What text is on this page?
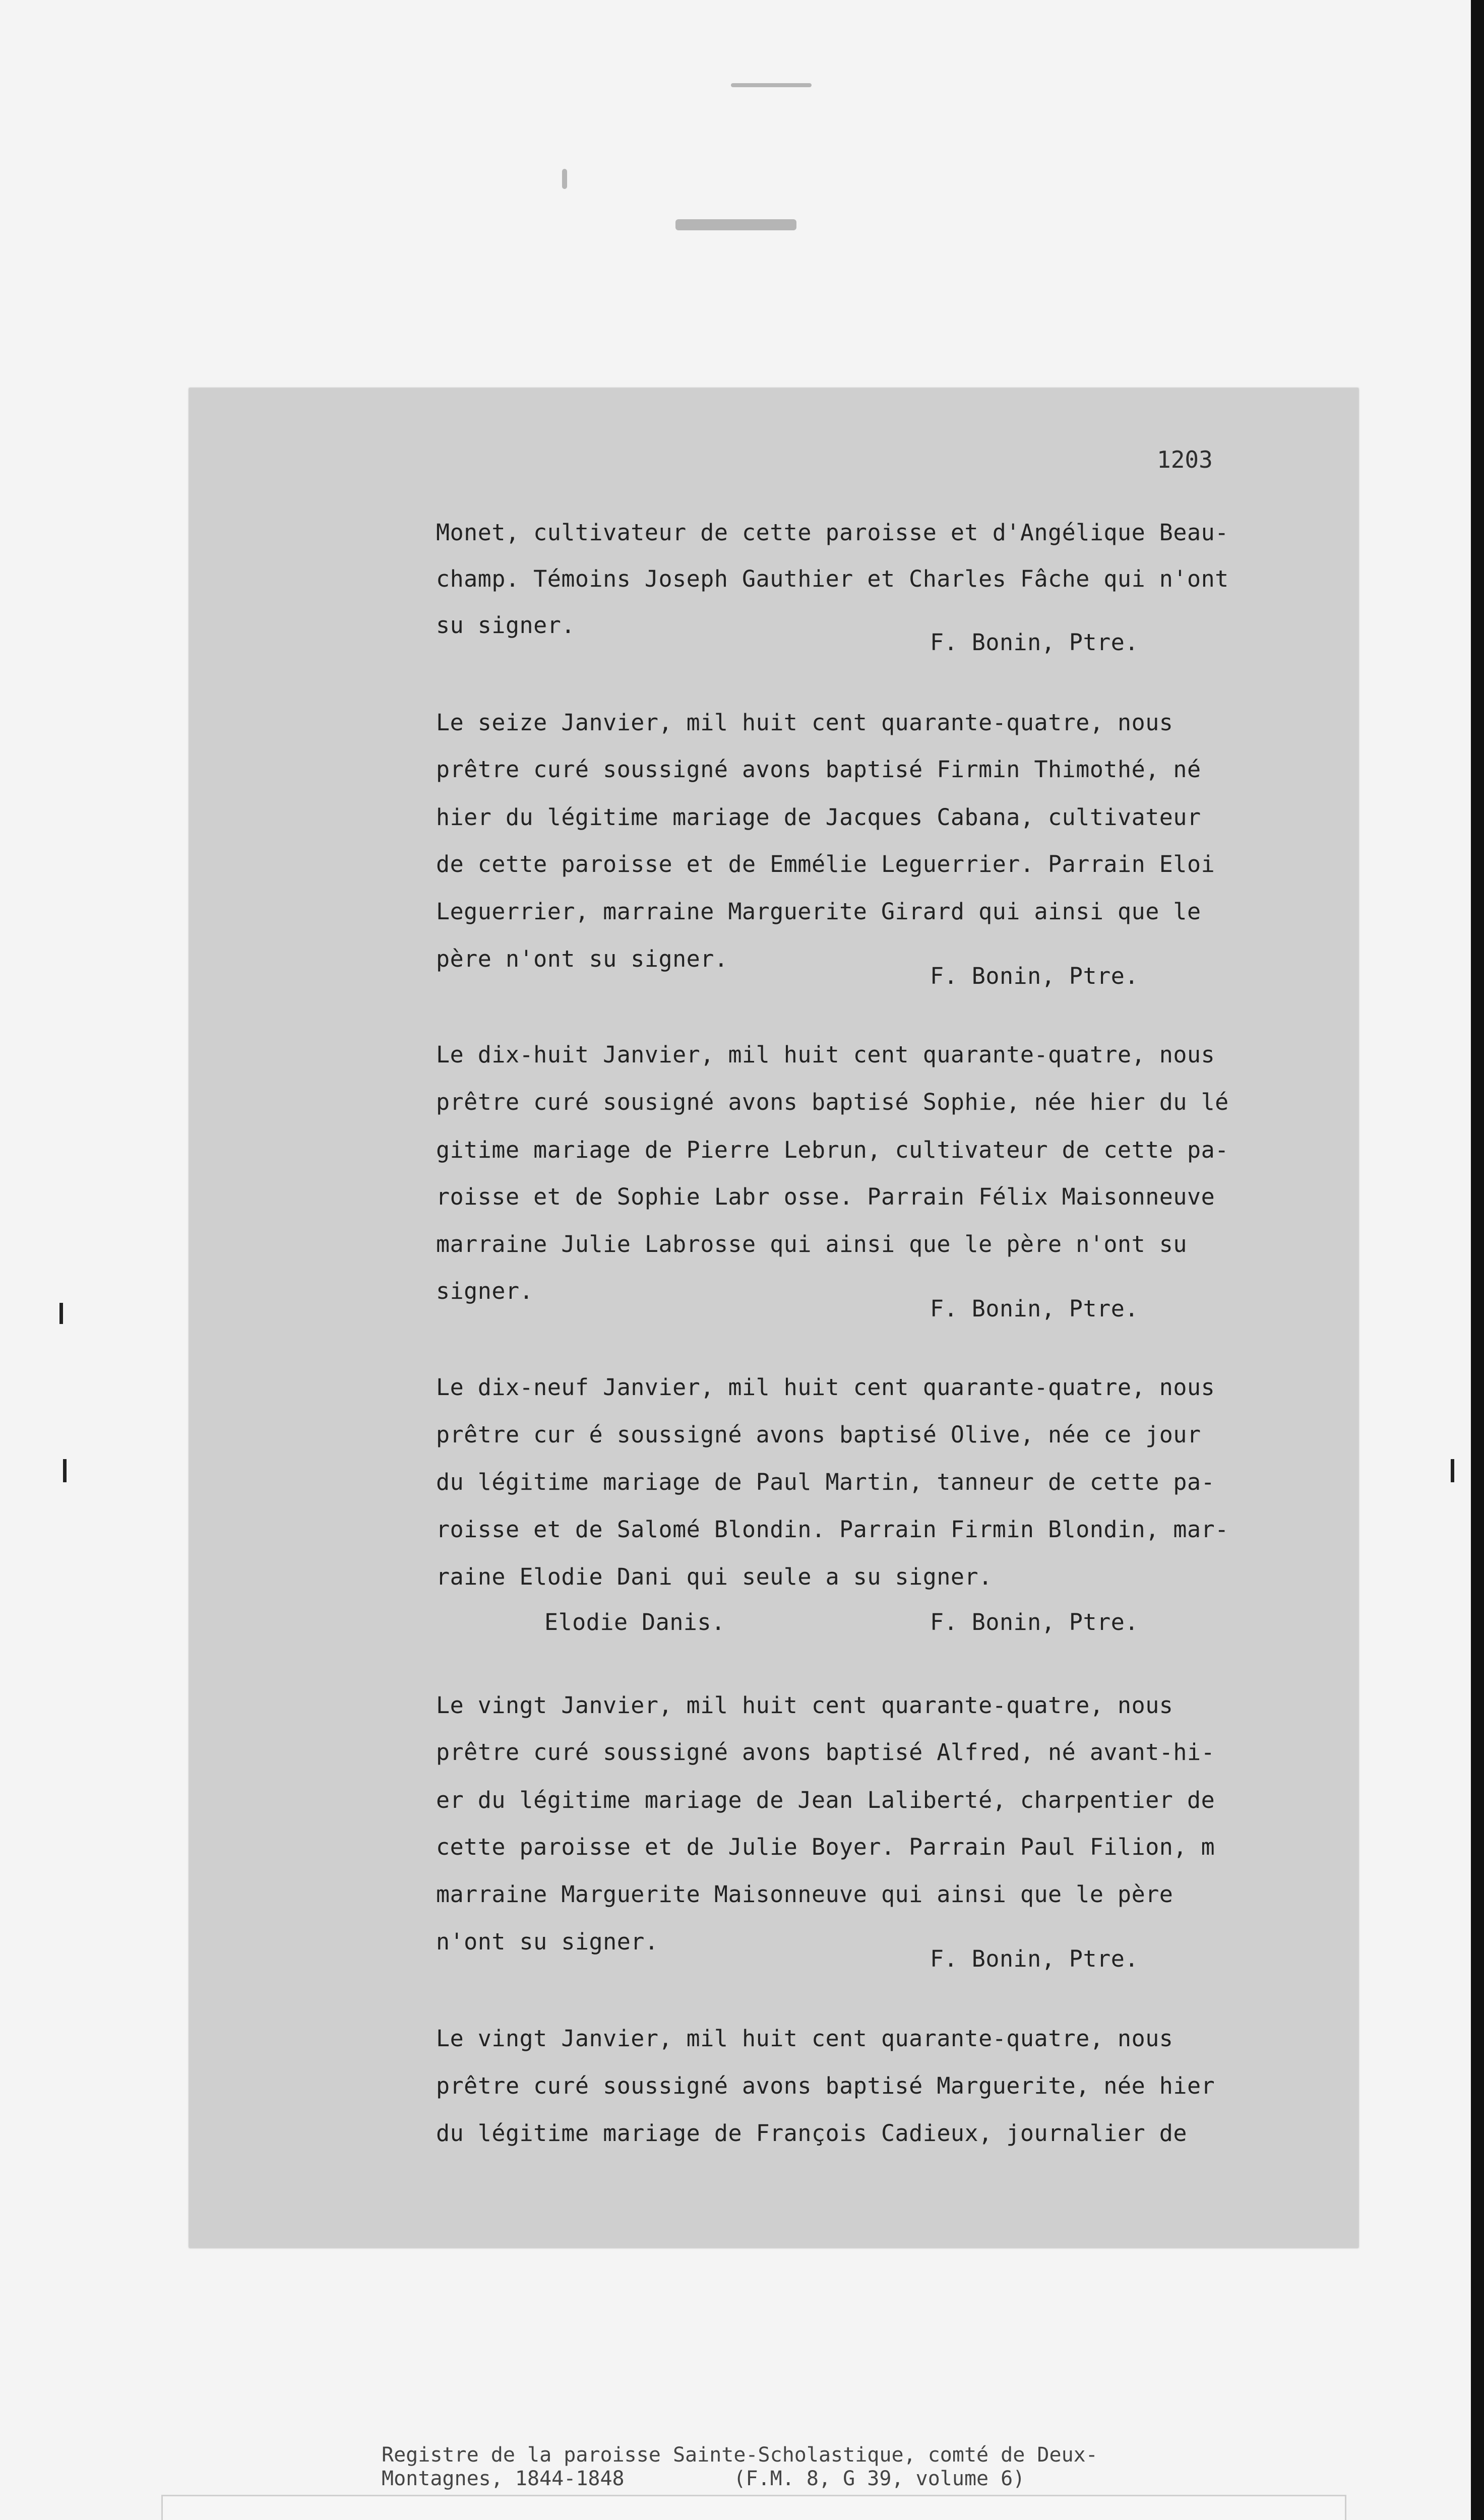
1203
Monet, cultivateur de cette paroisse et d'Angélique Beau-
champ. Témoins Joseph Gauthier et Charles Fâche qui n'ont
su signer.
F. Bonin, Ptre.
Le seize Janvier, mil huit cent quarante-quatre, nous
prêtre curé soussigné avons baptisé Firmin Thimothé, né
hier du légitime mariage de Jacques Cabana, cultivateur
de cette paroisse et de Emmélie Leguerrier. Parrain Eloi
Leguerrier, marraine Marguerite Girard qui ainsi que le
père n'ont su signer.
F. Bonin, Ptre.
Le dix-huit Janvier, mil huit cent quarante-quatre, nous
prêtre curé sousigné avons baptisé Sophie, née hier du lé
gitime mariage de Pierre Lebrun, cultivateur de cette pa-
roisse et de Sophie Labr osse. Parrain Félix Maisonneuve
marraine Julie Labrosse qui ainsi que le père n'ont su
signer.
F. Bonin, Ptre.
Le dix-neuf Janvier, mil huit cent quarante-quatre, nous
prêtre cur é soussigné avons baptisé Olive, née ce jour
du légitime mariage de Paul Martin, tanneur de cette pa-
roisse et de Salomé Blondin. Parrain Firmin Blondin, mar-
raine Elodie Dani qui seule a su signer.
Elodie Danis.	F. Bonin, Ptre.
Le vingt Janvier, mil huit cent quarante-quatre, nous
prêtre curé soussigné avons baptisé Alfred, né avant-hi-
er du légitime mariage de Jean Laliberté, charpentier de
cette paroisse et de Julie Boyer. Parrain Paul Filion, m
marraine Marguerite Maisonneuve qui ainsi que le père
n'ont su signer.
F. Bonin, Ptre.
Le vingt Janvier, mil huit cent quarante-quatre, nous
prêtre curé soussigné avons baptisé Marguerite, née hier
du légitime mariage de François Cadieux, journalier de
Registre de la paroisse Sainte-Scholastique, comté de Deux-
Montagnes, 1844-1848         (F.M. 8, G 39, volume 6)
